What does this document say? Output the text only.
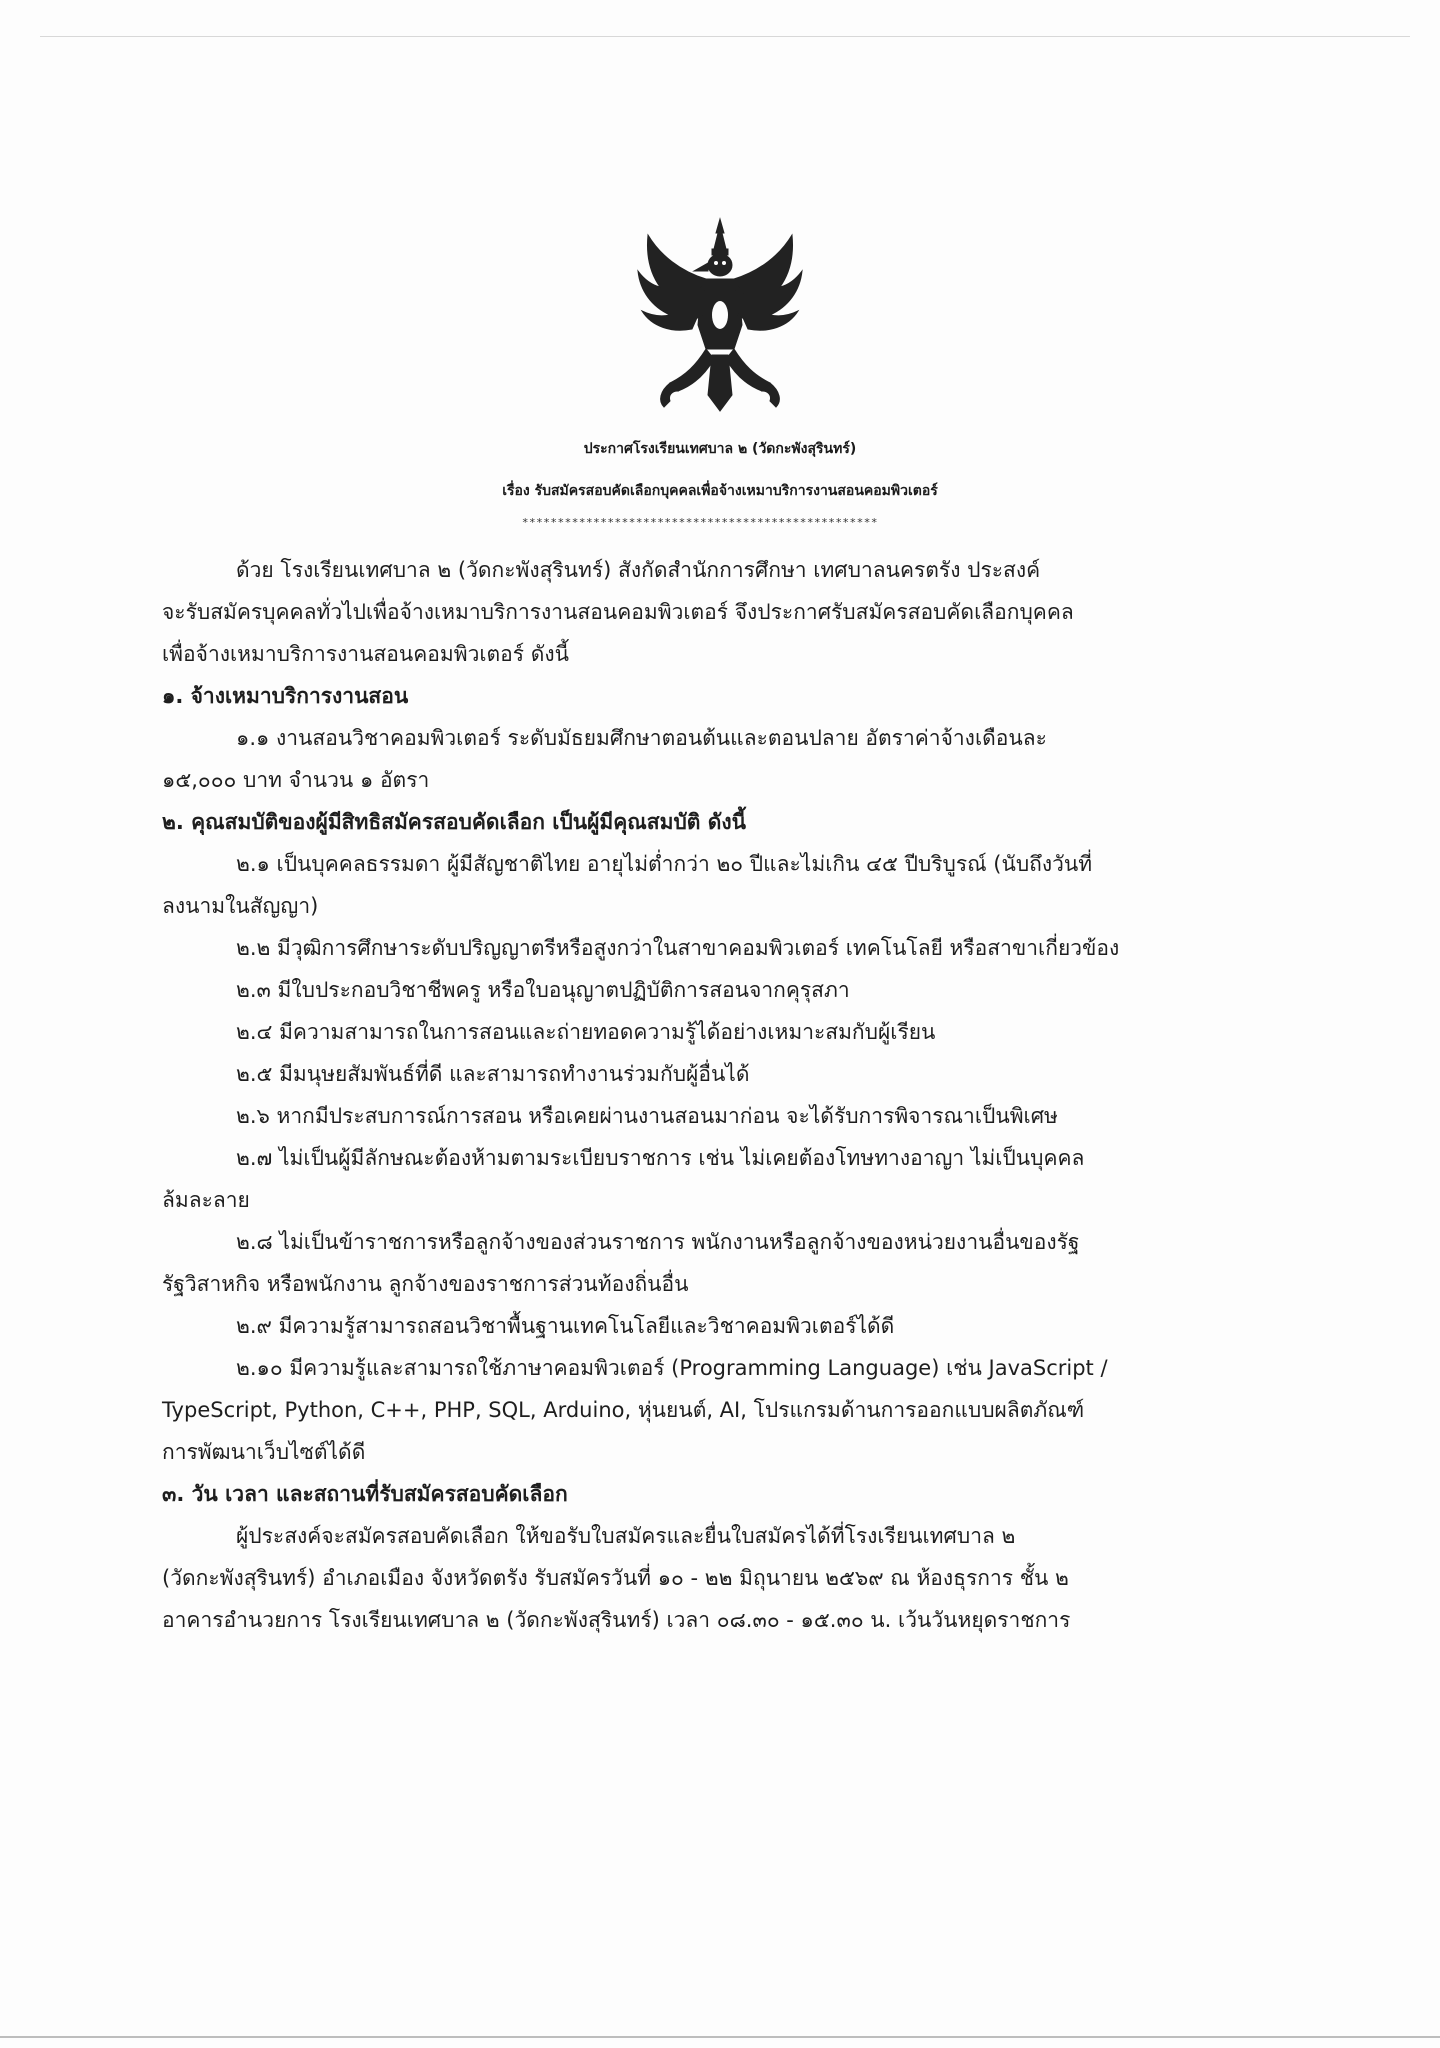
ประกาศโรงเรียนเทศบาล ๒ (วัดกะพังสุรินทร์)
เรื่อง รับสมัครสอบคัดเลือกบุคคลเพื่อจ้างเหมาบริการงานสอนคอมพิวเตอร์
**************************************************
ด้วย โรงเรียนเทศบาล ๒ (วัดกะพังสุรินทร์) สังกัดสำนักการศึกษา เทศบาลนครตรัง ประสงค์
จะรับสมัครบุคคลทั่วไปเพื่อจ้างเหมาบริการงานสอนคอมพิวเตอร์ จึงประกาศรับสมัครสอบคัดเลือกบุคคล
เพื่อจ้างเหมาบริการงานสอนคอมพิวเตอร์ ดังนี้
๑. จ้างเหมาบริการงานสอน
๑.๑ งานสอนวิชาคอมพิวเตอร์ ระดับมัธยมศึกษาตอนต้นและตอนปลาย อัตราค่าจ้างเดือนละ
๑๕,๐๐๐ บาท จำนวน ๑ อัตรา
๒. คุณสมบัติของผู้มีสิทธิสมัครสอบคัดเลือก เป็นผู้มีคุณสมบัติ ดังนี้
๒.๑ เป็นบุคคลธรรมดา ผู้มีสัญชาติไทย อายุไม่ต่ำกว่า ๒๐ ปีและไม่เกิน ๔๕ ปีบริบูรณ์ (นับถึงวันที่
ลงนามในสัญญา)
๒.๒ มีวุฒิการศึกษาระดับปริญญาตรีหรือสูงกว่าในสาขาคอมพิวเตอร์ เทคโนโลยี หรือสาขาเกี่ยวข้อง
๒.๓ มีใบประกอบวิชาชีพครู หรือใบอนุญาตปฏิบัติการสอนจากคุรุสภา
๒.๔ มีความสามารถในการสอนและถ่ายทอดความรู้ได้อย่างเหมาะสมกับผู้เรียน
๒.๕ มีมนุษยสัมพันธ์ที่ดี และสามารถทำงานร่วมกับผู้อื่นได้
๒.๖ หากมีประสบการณ์การสอน หรือเคยผ่านงานสอนมาก่อน จะได้รับการพิจารณาเป็นพิเศษ
๒.๗ ไม่เป็นผู้มีลักษณะต้องห้ามตามระเบียบราชการ เช่น ไม่เคยต้องโทษทางอาญา ไม่เป็นบุคคล
ล้มละลาย
๒.๘ ไม่เป็นข้าราชการหรือลูกจ้างของส่วนราชการ พนักงานหรือลูกจ้างของหน่วยงานอื่นของรัฐ
รัฐวิสาหกิจ หรือพนักงาน ลูกจ้างของราชการส่วนท้องถิ่นอื่น
๒.๙ มีความรู้สามารถสอนวิชาพื้นฐานเทคโนโลยีและวิชาคอมพิวเตอร์ได้ดี
๒.๑๐ มีความรู้และสามารถใช้ภาษาคอมพิวเตอร์ (Programming Language) เช่น JavaScript /
TypeScript, Python, C++, PHP, SQL, Arduino, หุ่นยนต์, AI, โปรแกรมด้านการออกแบบผลิตภัณฑ์
การพัฒนาเว็บไซต์ได้ดี
๓. วัน เวลา และสถานที่รับสมัครสอบคัดเลือก
ผู้ประสงค์จะสมัครสอบคัดเลือก ให้ขอรับใบสมัครและยื่นใบสมัครได้ที่โรงเรียนเทศบาล ๒
(วัดกะพังสุรินทร์) อำเภอเมือง จังหวัดตรัง รับสมัครวันที่ ๑๐ - ๒๒ มิถุนายน ๒๕๖๙ ณ ห้องธุรการ ชั้น ๒
อาคารอำนวยการ โรงเรียนเทศบาล ๒ (วัดกะพังสุรินทร์) เวลา ๐๘.๓๐ - ๑๕.๓๐ น. เว้นวันหยุดราชการ
